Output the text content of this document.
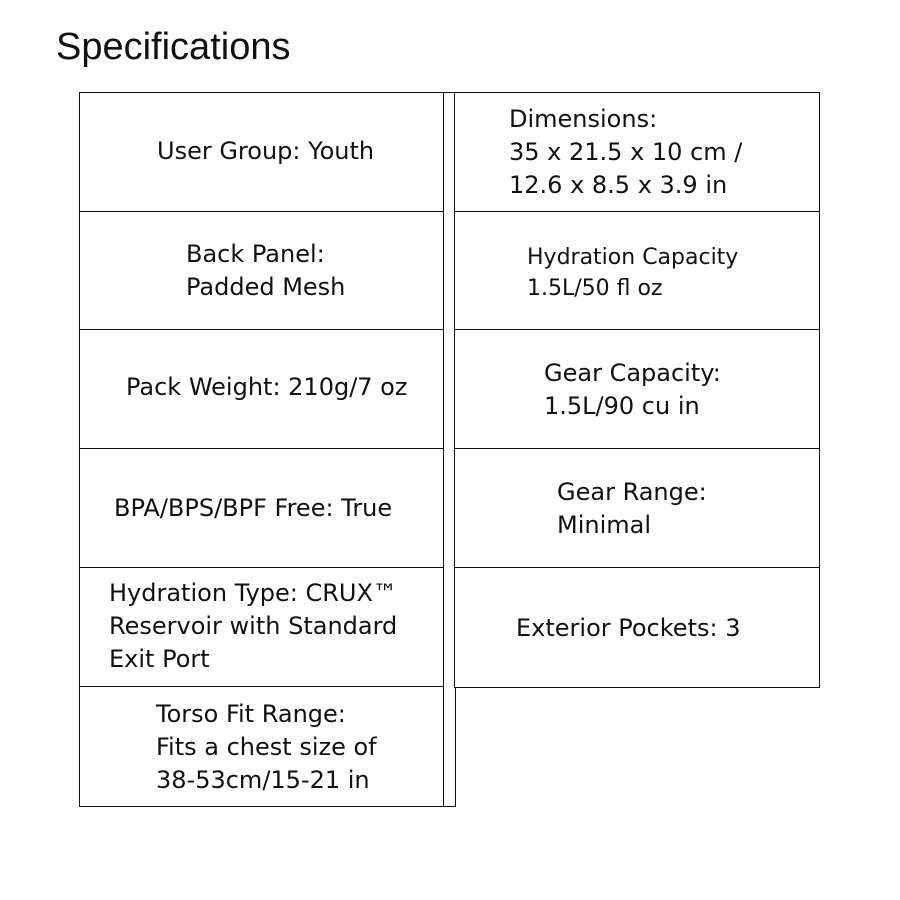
Specifications
User Group: Youth
Back Panel:
Padded Mesh
Pack Weight: 210g/7 oz
BPA/BPS/BPF Free: True
Hydration Type: CRUX™
Reservoir with Standard
Exit Port
Torso Fit Range:
Fits a chest size of
38-53cm/15-21 in
Dimensions:
35 x 21.5 x 10 cm /
12.6 x 8.5 x 3.9 in
Hydration Capacity
1.5L/50 fl oz
Gear Capacity:
1.5L/90 cu in
Gear Range:
Minimal
Exterior Pockets: 3
